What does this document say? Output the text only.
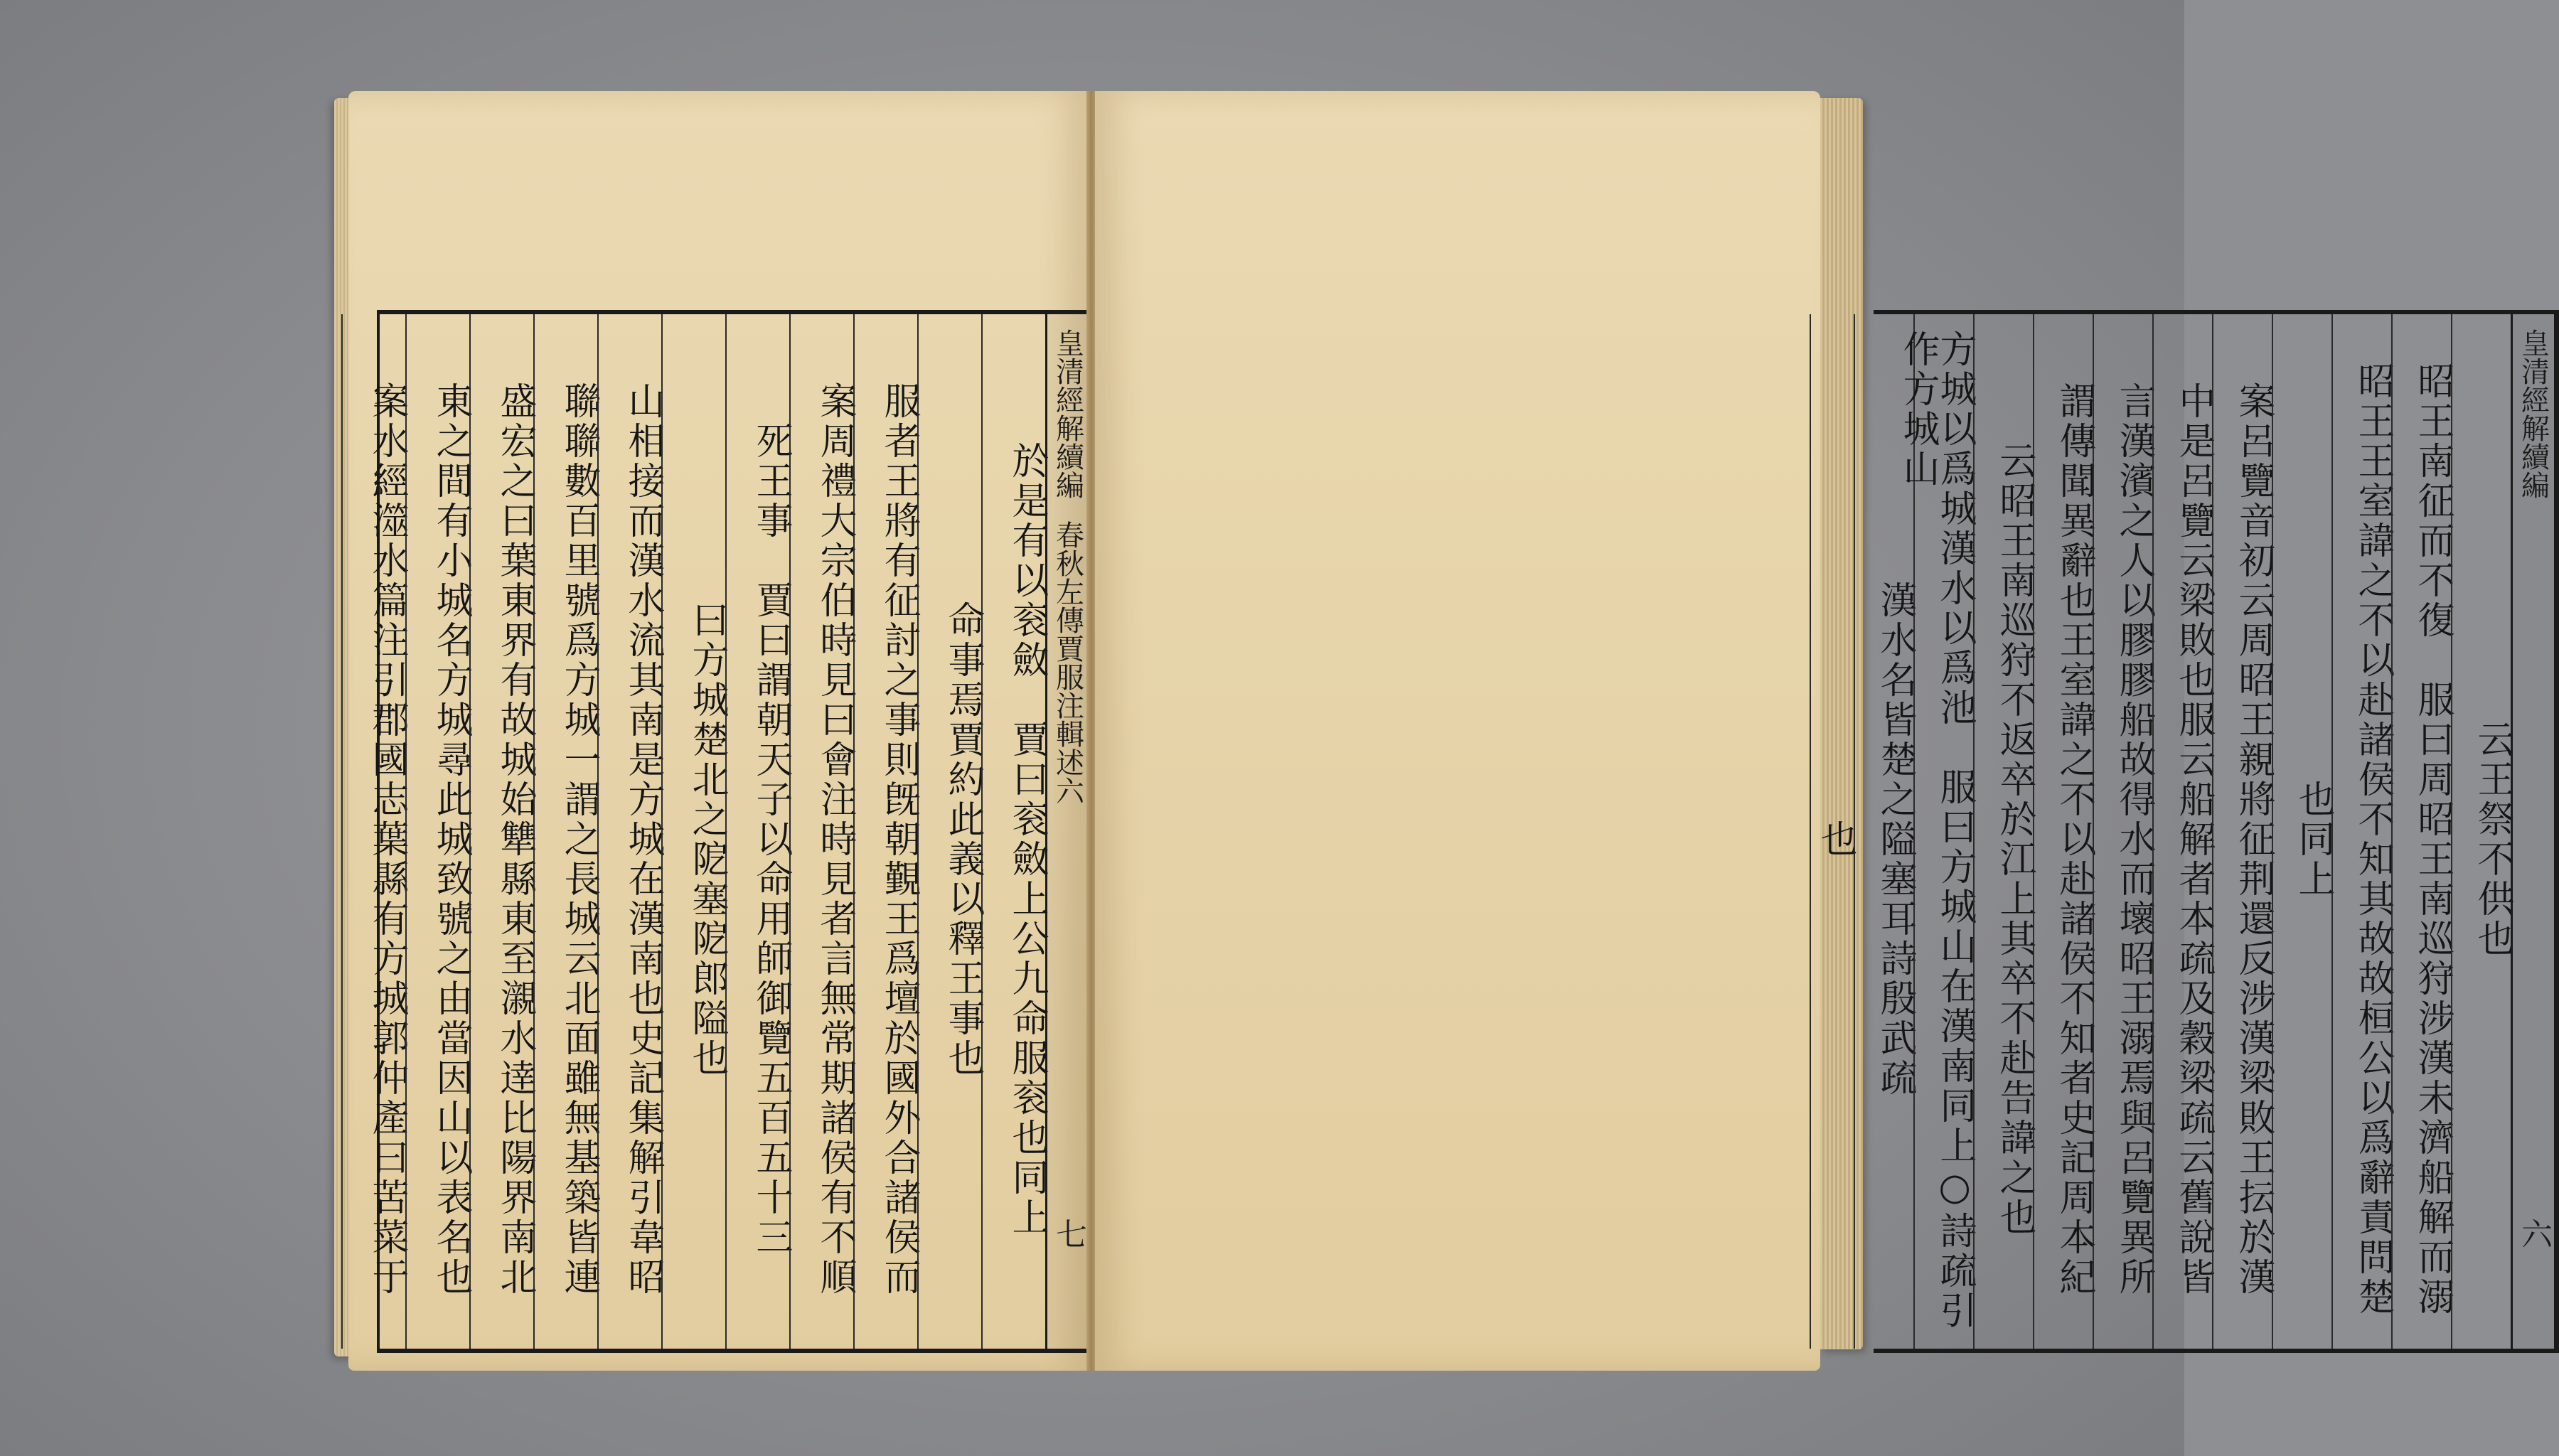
皇清經解續編
春秋左傳賈服注輯述六
七
於是有以衮斂　賈曰衮斂上公九命服衮也同上
命事焉賈約此義以釋王事也
服者王將有征討之事則旣朝覲王爲壇於國外合諸侯而
案周禮大宗伯時見曰會注時見者言無常期諸侯有不順
死王事　賈曰謂朝天子以命用師御覽五百五十三
曰方城楚北之阸塞阸郎隘也
山相接而漢水流其南是方城在漢南也史記集解引韋昭
聯聯數百里號爲方城一謂之長城云北面雖無基築皆連
盛宏之曰葉東界有故城始犨縣東至瀙水逹比陽界南北
東之間有小城名方城尋此城致號之由當因山以表名也
案水經澨水篇注引郡國志葉縣有方城郭仲產曰苦菜于	皇清經解續編
六
云王祭不供也
昭王南征而不復　服曰周昭王南巡狩涉漢未濟船解而溺
昭王王室諱之不以赴諸侯不知其故故桓公以爲辭責問楚
也同上
案呂覽音初云周昭王親將征荆還反涉漢梁敗王抎於漢
中是呂覽云梁敗也服云船解者本疏及穀梁疏云舊說皆
言漢濱之人以膠膠船故得水而壞昭王溺焉與呂覽異所
謂傳聞異辭也王室諱之不以赴諸侯不知者史記周本紀
云昭王南巡狩不返卒於江上其卒不赴告諱之也
方城以爲城漢水以爲池　服曰方城山在漢南同上○詩疏引作方城山
漢水名皆楚之隘塞耳詩殷武疏
也
